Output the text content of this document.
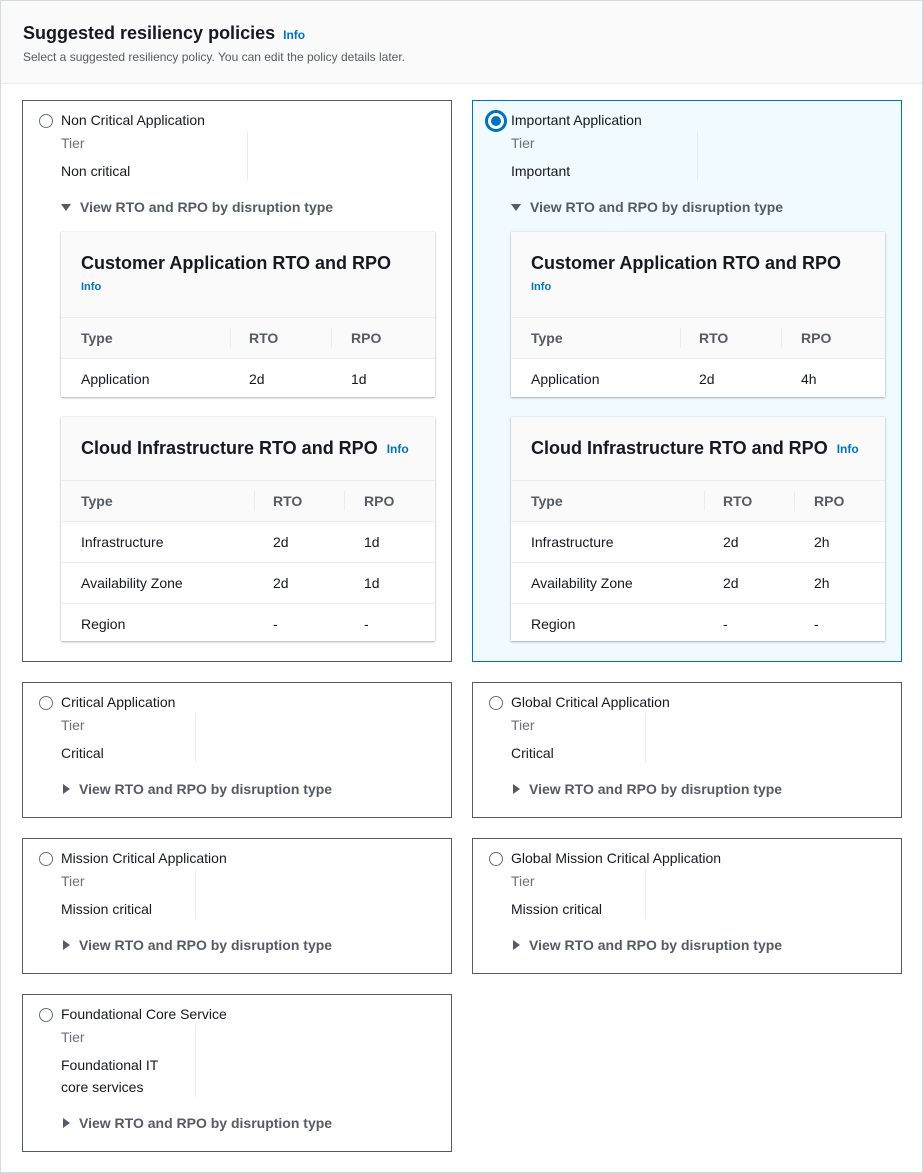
Suggested resiliency policies Info
Select a suggested resiliency policy. You can edit the policy details later.
Non Critical Application
Tier
Non critical
View RTO and RPO by disruption type
Customer Application RTO and RPO
Info
Type	RTO	RPO
Application	2d	1d
Cloud Infrastructure RTO and RPO Info
Type	RTO	RPO
Infrastructure	2d	1d
Availability Zone	2d	1d
Region	-	-
Important Application
Tier
Important
View RTO and RPO by disruption type
Customer Application RTO and RPO
Info
Type	RTO	RPO
Application	2d	4h
Cloud Infrastructure RTO and RPO Info
Type	RTO	RPO
Infrastructure	2d	2h
Availability Zone	2d	2h
Region	-	-
Critical Application
Tier
Critical
View RTO and RPO by disruption type
Global Critical Application
Tier
Critical
View RTO and RPO by disruption type
Mission Critical Application
Tier
Mission critical
View RTO and RPO by disruption type
Global Mission Critical Application
Tier
Mission critical
View RTO and RPO by disruption type
Foundational Core Service
Tier
Foundational IT
core services
View RTO and RPO by disruption type
